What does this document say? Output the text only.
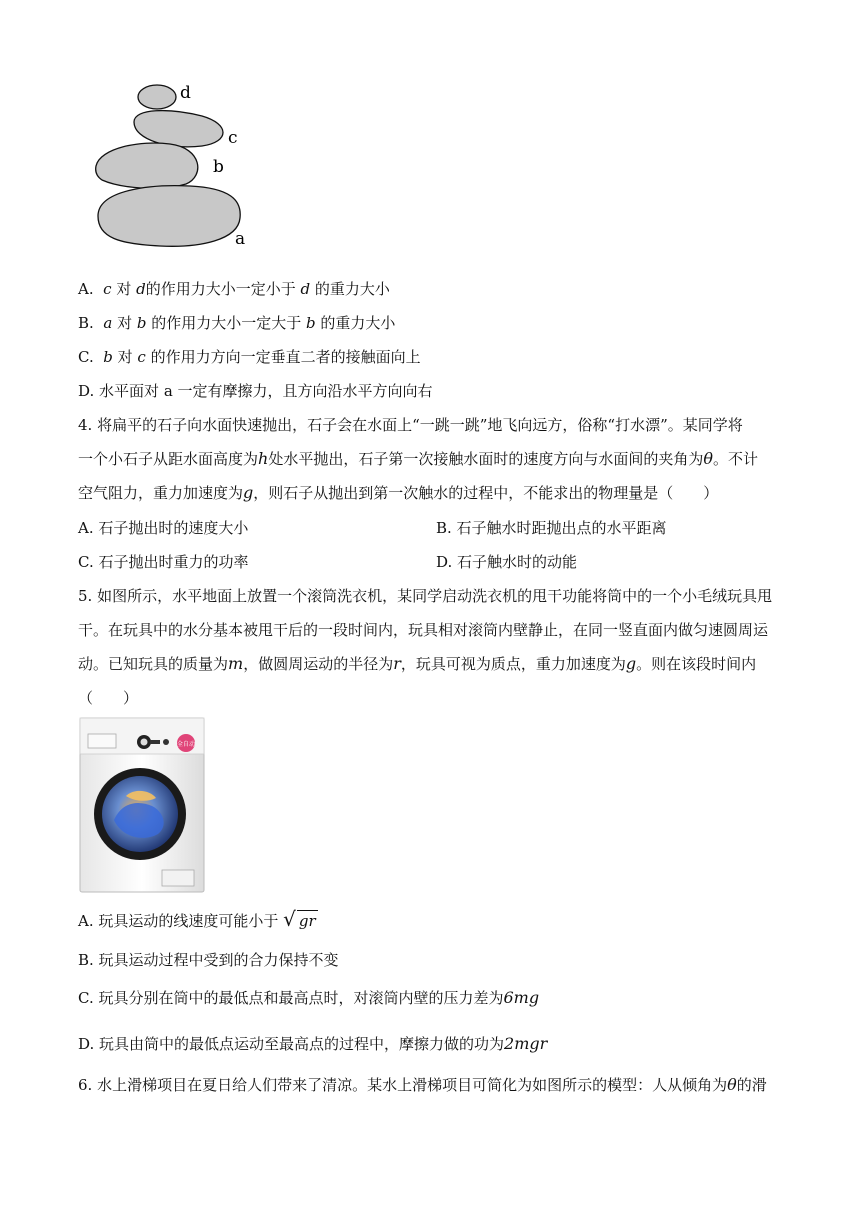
d
c
b
a
A. c 对 d的作用力大小一定小于 d 的重力大小
B. a 对 b 的作用力大小一定大于 b 的重力大小
C. b 对 c 的作用力方向一定垂直二者的接触面向上
D. 水平面对 a 一定有摩擦力，且方向沿水平方向向右
4. 将扁平的石子向水面快速抛出，石子会在水面上“一跳一跳”地飞向远方，俗称“打水漂”。某同学将
一个小石子从距水面高度为h处水平抛出，石子第一次接触水面时的速度方向与水面间的夹角为θ。不计
空气阻力，重力加速度为g，则石子从抛出到第一次触水的过程中，不能求出的物理量是（　　）
A. 石子抛出时的速度大小	B. 石子触水时距抛出点的水平距离
C. 石子抛出时重力的功率	D. 石子触水时的动能
5. 如图所示，水平地面上放置一个滚筒洗衣机，某同学启动洗衣机的甩干功能将筒中的一个小毛绒玩具甩
干。在玩具中的水分基本被甩干后的一段时间内，玩具相对滚筒内壁静止，在同一竖直面内做匀速圆周运
动。已知玩具的质量为m，做圆周运动的半径为r，玩具可视为质点，重力加速度为g。则在该段时间内
（　　）
全自动
A. 玩具运动的线速度可能小于 √ gr
B. 玩具运动过程中受到的合力保持不变
C. 玩具分别在筒中的最低点和最高点时，对滚筒内壁的压力差为6mg
D. 玩具由筒中的最低点运动至最高点的过程中，摩擦力做的功为2mgr
6. 水上滑梯项目在夏日给人们带来了清凉。某水上滑梯项目可简化为如图所示的模型：人从倾角为θ的滑
